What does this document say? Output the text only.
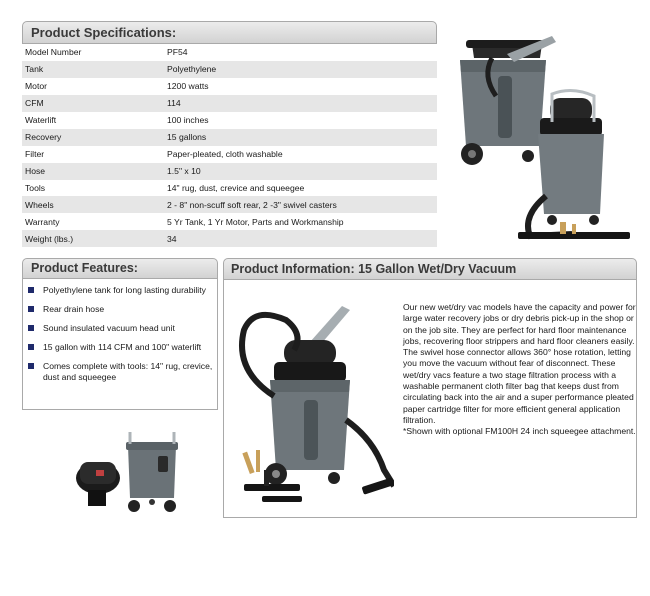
Product Specifications:
Model Number	PF54
Tank	Polyethylene
Motor	1200 watts
CFM	114
Waterlift	100 inches
Recovery	15 gallons
Filter	Paper-pleated, cloth washable
Hose	1.5" x 10
Tools	14" rug, dust, crevice and squeegee
Wheels	2 - 8" non-scuff soft rear, 2 -3" swivel casters
Warranty	5 Yr Tank, 1 Yr Motor, Parts and Workmanship
Weight (lbs.)	34
Product Features:
Polyethylene tank for long lasting durability
Rear drain hose
Sound insulated vacuum head unit
15 gallon with 114 CFM and 100" waterlift
Comes complete with tools: 14" rug, crevice, dust and squeegee
Product Information: 15 Gallon Wet/Dry Vacuum

Our new wet/dry vac models have the capacity and power for large water recovery jobs or dry debris pick-up in the shop or on the job site. They are perfect for hard floor maintenance jobs, recovering floor strippers and hard floor cleaners easily. The swivel hose connector allows 360° hose rotation, letting you move the vacuum without fear of disconnect. These wet/dry vacs feature a two stage filtration process with a washable permanent cloth filter bag that keeps dust from circulating back into the air and a super performance pleated paper cartridge filter for more efficient general application filtration.
*Shown with optional FM100H 24 inch squeegee attachment.
